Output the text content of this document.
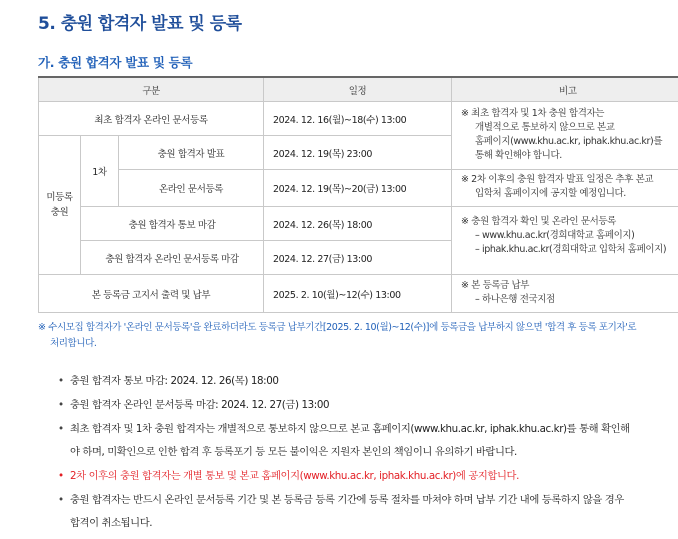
5. 충원 합격자 발표 및 등록
가. 충원 합격자 발표 및 등록
구분			일정	비고
최초 합격자 온라인 문서등록			2024. 12. 16(월)~18(수) 13:00	※ 최초 합격자 및 1차 충원 합격자는
개별적으로 통보하지 않으므로 본교
홈페이지(www.khu.ac.kr, iphak.khu.ac.kr)를
통해 확인해야 합니다.

미등록
충원	1차	충원 합격자 발표	2024. 12. 19(목) 23:00	
		온라인 문서등록	2024. 12. 19(목)~20(금) 13:00	※ 2차 이후의 충원 합격자 발표 일정은 추후 본교
입학처 홈페이지에 공지할 예정입니다.

	충원 합격자 통보 마감		2024. 12. 26(목) 18:00	※ 충원 합격자 확인 및 온라인 문서등록
– www.khu.ac.kr(경희대학교 홈페이지)
– iphak.khu.ac.kr(경희대학교 입학처 홈페이지)

	충원 합격자 온라인 문서등록 마감		2024. 12. 27(금) 13:00	
본 등록금 고지서 출력 및 납부			2025. 2. 10(월)~12(수) 13:00	※ 본 등록금 납부
– 하나은행 전국지점
※ 수시모집 합격자가 '온라인 문서등록'을 완료하더라도 등록금 납부기간[2025. 2. 10(월)~12(수)]에 등록금을 납부하지 않으면 '합격 후 등록 포기자'로
처리합니다.
• 충원 합격자 통보 마감: 2024. 12. 26(목) 18:00
• 충원 합격자 온라인 문서등록 마감: 2024. 12. 27(금) 13:00
• 최초 합격자 및 1차 충원 합격자는 개별적으로 통보하지 않으므로 본교 홈페이지(www.khu.ac.kr, iphak.khu.ac.kr)를 통해 확인해
야 하며, 미확인으로 인한 합격 후 등록포기 등 모든 불이익은 지원자 본인의 책임이니 유의하기 바랍니다.
• 2차 이후의 충원 합격자는 개별 통보 및 본교 홈페이지(www.khu.ac.kr, iphak.khu.ac.kr)에 공지합니다.
• 충원 합격자는 반드시 온라인 문서등록 기간 및 본 등록금 등록 기간에 등록 절차를 마쳐야 하며 납부 기간 내에 등록하지 않을 경우
합격이 취소됩니다.
